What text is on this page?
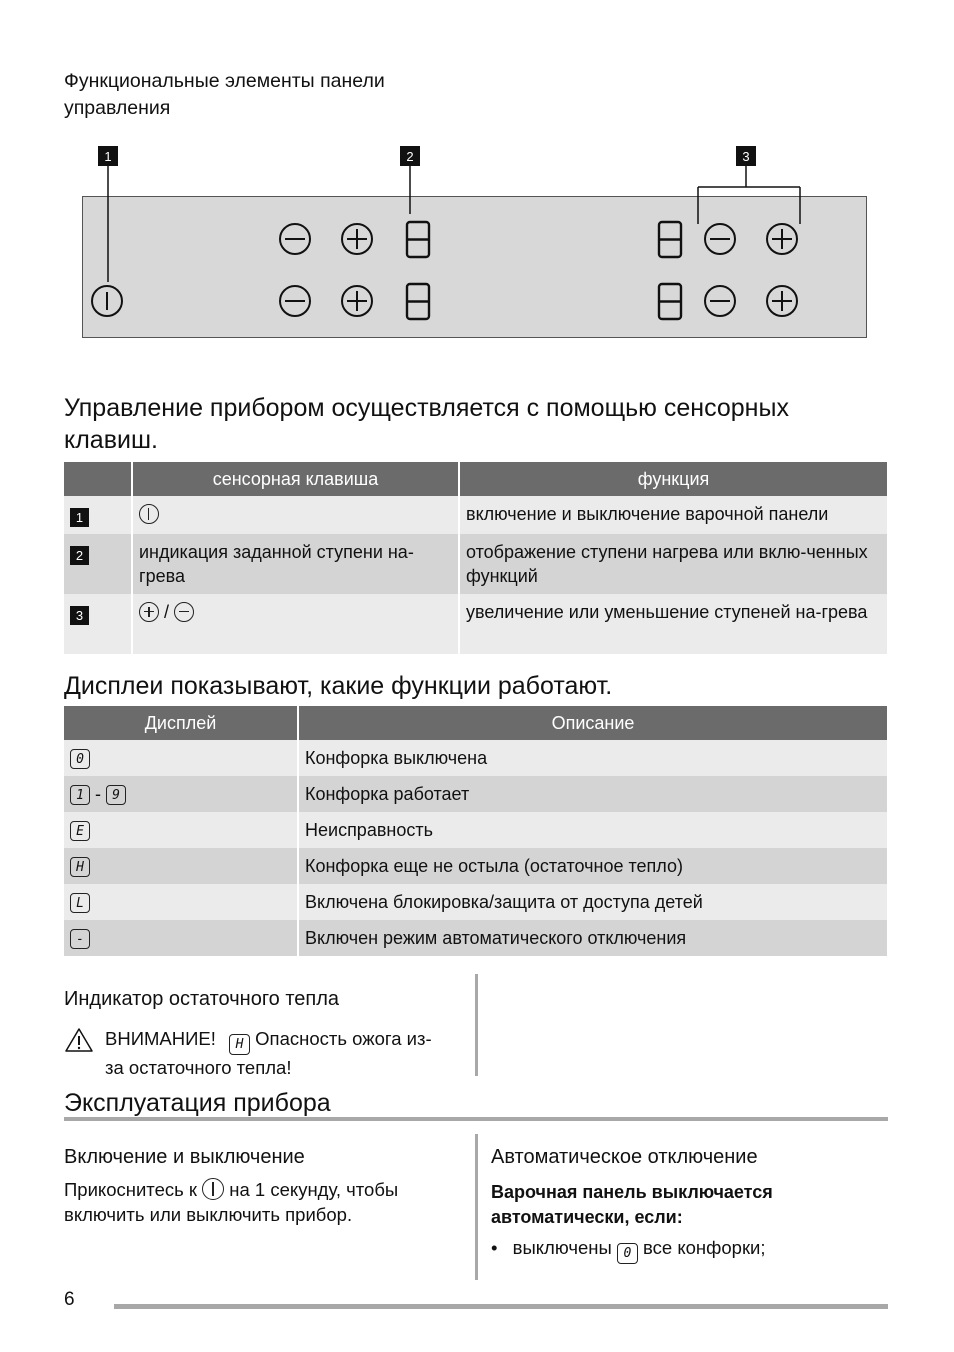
Функциональные элементы панели
управления
1	2	3
Управление прибором осуществляется с помощью сенсорных
клавиш.
	сенсорная клавиша	функция
1		включение и выключение варочной панели
2	индикация заданной ступени на-грева	отображение ступени нагрева или вклю-ченных функций
3	/	увеличение или уменьшение ступеней на-грева
Дисплеи показывают, какие функции работают.
Дисплей	Описание
0	Конфорка выключена
1 - 9	Конфорка работает
E	Неисправность
H	Конфорка еще не остыла (остаточное тепло)
L	Включена блокировка/защита от доступа детей
-	Включен режим автоматического отключения
Индикатор остаточного тепла
ВНИМАНИЕ! H Опасность ожога из-
за остаточного тепла!
Эксплуатация прибора
Включение и выключение
Прикоснитесь к на 1 секунду, чтобы
включить или выключить прибор.
Автоматическое отключение
Варочная панель выключается
автоматически, если:
• выключены 0 все конфорки;
6
